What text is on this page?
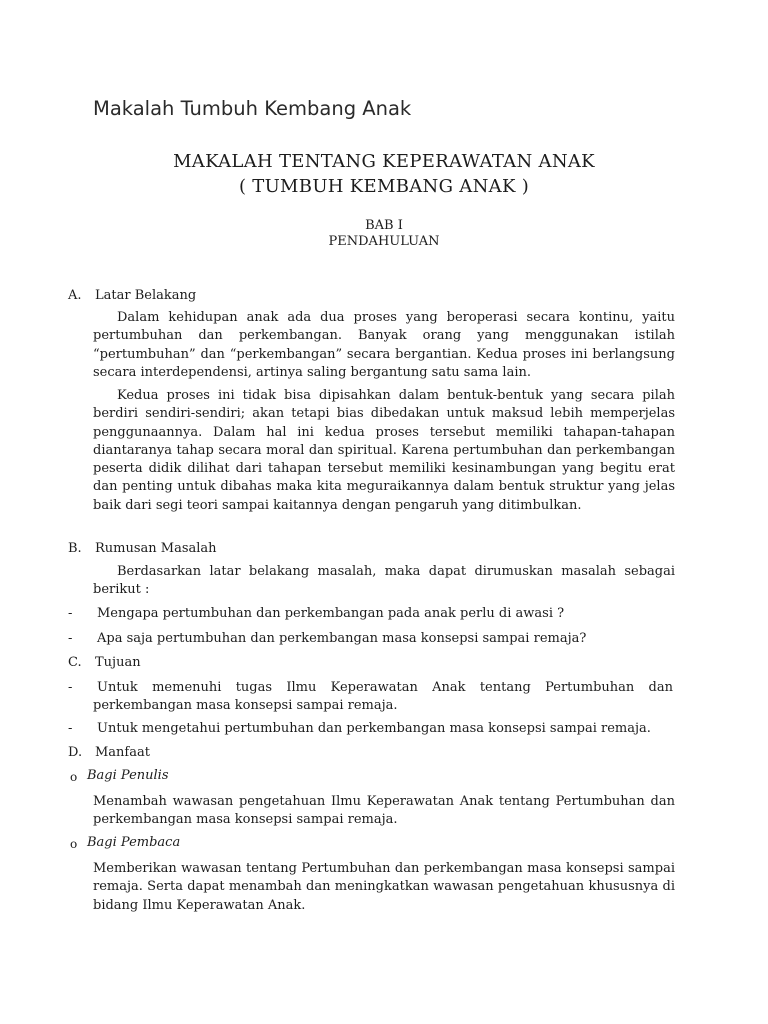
Makalah Tumbuh Kembang Anak
MAKALAH TENTANG KEPERAWATAN ANAK
( TUMBUH KEMBANG ANAK )
BAB I
PENDAHULUAN
A. Latar Belakang
Dalam kehidupan anak ada dua proses yang beroperasi secara kontinu, yaitu pertumbuhan dan perkembangan. Banyak orang yang menggunakan istilah “pertumbuhan” dan “perkembangan” secara bergantian. Kedua proses ini berlangsung secara interdependensi, artinya saling bergantung satu sama lain.
Kedua proses ini tidak bisa dipisahkan dalam bentuk-bentuk yang secara pilah berdiri sendiri-sendiri; akan tetapi bias dibedakan untuk maksud lebih memperjelas penggunaannya. Dalam hal ini kedua proses tersebut memiliki tahapan-tahapan diantaranya tahap secara moral dan spiritual. Karena pertumbuhan dan perkembangan peserta didik dilihat dari tahapan tersebut memiliki kesinambungan yang begitu erat dan penting untuk dibahas maka kita meguraikannya dalam bentuk struktur yang jelas baik dari segi teori sampai kaitannya dengan pengaruh yang ditimbulkan.
B. Rumusan Masalah
Berdasarkan latar belakang masalah, maka dapat dirumuskan masalah sebagai berikut :
- Mengapa pertumbuhan dan perkembangan pada anak perlu di awasi ?
- Apa saja pertumbuhan dan perkembangan masa konsepsi sampai remaja?
C. Tujuan
-	Untuk memenuhi tugas Ilmu Keperawatan Anak tentang Pertumbuhan dan perkembangan masa konsepsi sampai remaja.
- Untuk mengetahui pertumbuhan dan perkembangan masa konsepsi sampai remaja.
D. Manfaat
o Bagi Penulis
Menambah wawasan pengetahuan Ilmu Keperawatan Anak tentang Pertumbuhan dan perkembangan masa konsepsi sampai remaja.
o Bagi Pembaca
Memberikan wawasan tentang Pertumbuhan dan perkembangan masa konsepsi sampai remaja. Serta dapat menambah dan meningkatkan wawasan pengetahuan khususnya di bidang Ilmu Keperawatan Anak.
